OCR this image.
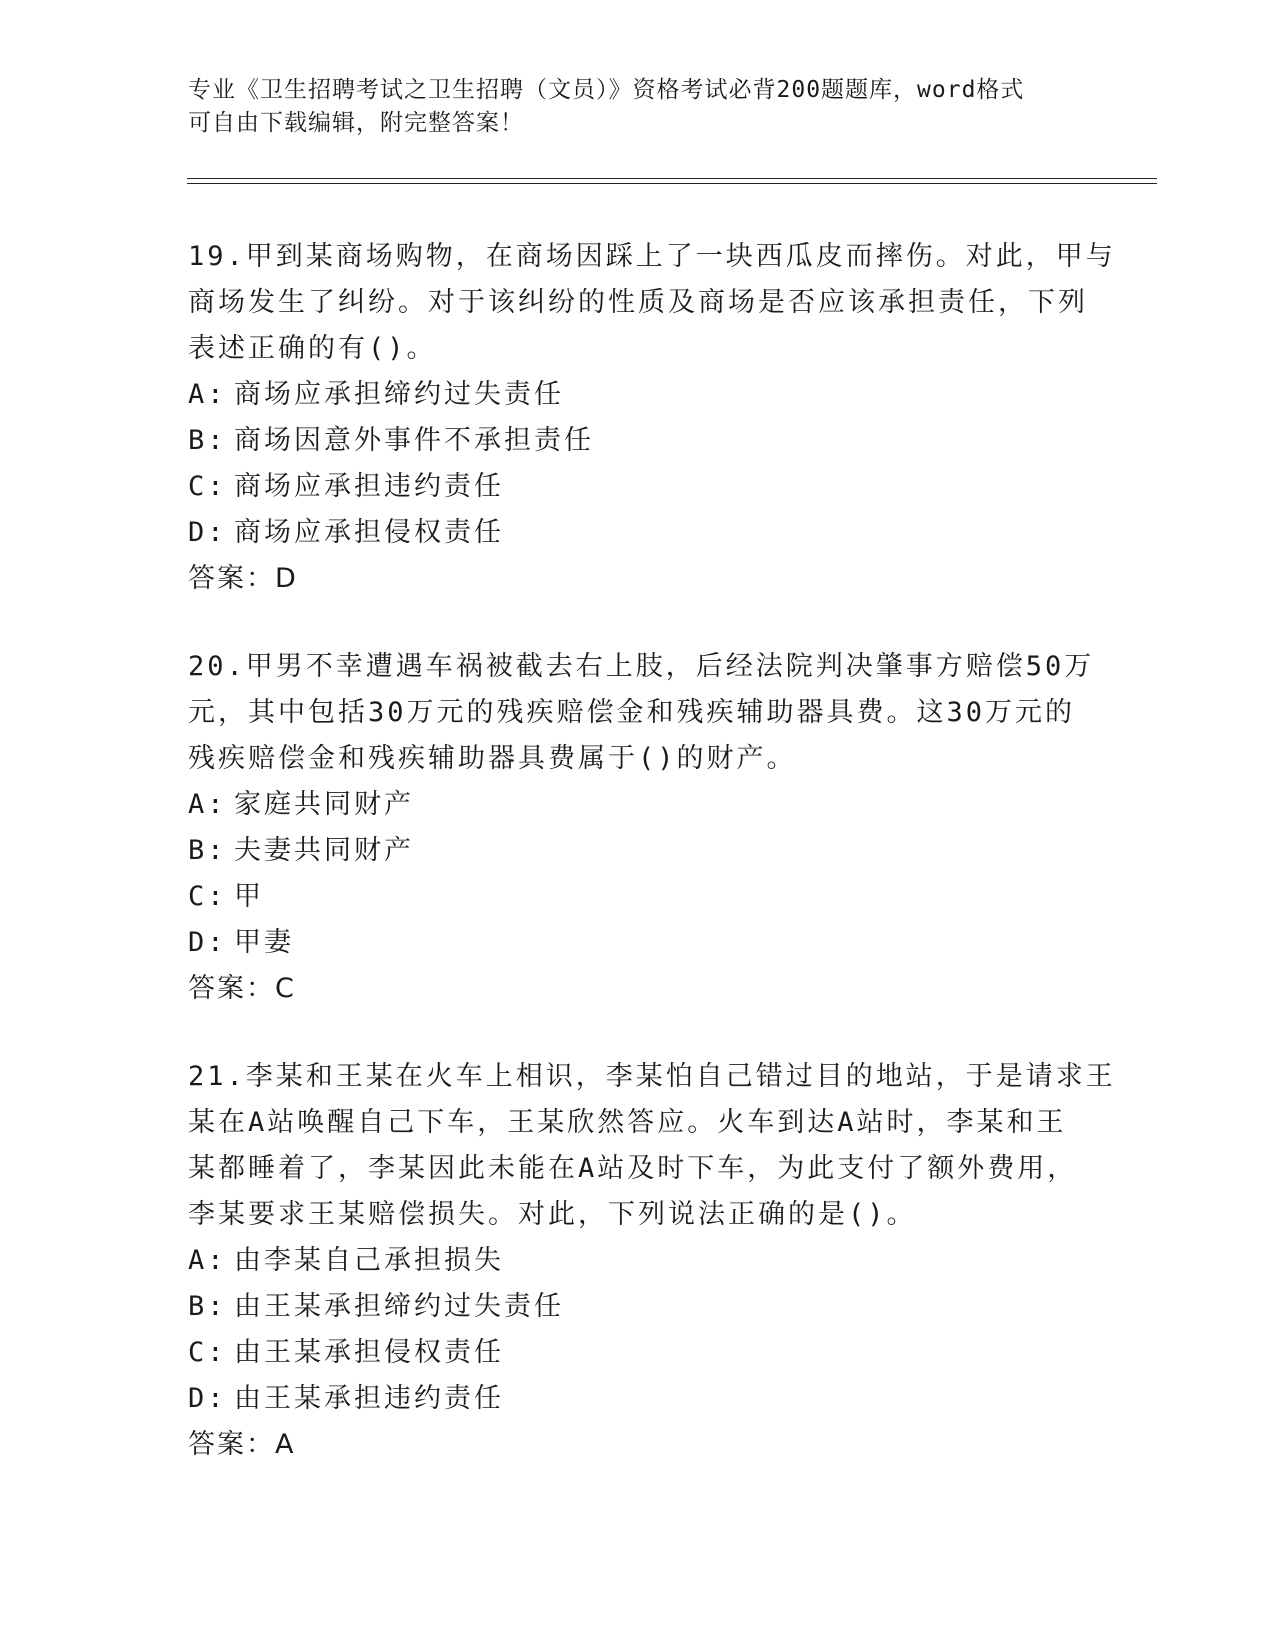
专业《卫生招聘考试之卫生招聘（文员）》资格考试必背200题题库，word格式
可自由下载编辑，附完整答案！
19.甲到某商场购物，在商场因踩上了一块西瓜皮而摔伤。对此，甲与
商场发生了纠纷。对于该纠纷的性质及商场是否应该承担责任，下列
表述正确的有()。
A: 商场应承担缔约过失责任
B: 商场因意外事件不承担责任
C: 商场应承担违约责任
D: 商场应承担侵权责任
答案：D
20.甲男不幸遭遇车祸被截去右上肢，后经法院判决肇事方赔偿50万
元，其中包括30万元的残疾赔偿金和残疾辅助器具费。这30万元的
残疾赔偿金和残疾辅助器具费属于()的财产。
A: 家庭共同财产
B: 夫妻共同财产
C: 甲
D: 甲妻
答案：C
21.李某和王某在火车上相识，李某怕自己错过目的地站，于是请求王
某在A站唤醒自己下车，王某欣然答应。火车到达A站时，李某和王
某都睡着了，李某因此未能在A站及时下车，为此支付了额外费用，
李某要求王某赔偿损失。对此，下列说法正确的是()。
A: 由李某自己承担损失
B: 由王某承担缔约过失责任
C: 由王某承担侵权责任
D: 由王某承担违约责任
答案：A
